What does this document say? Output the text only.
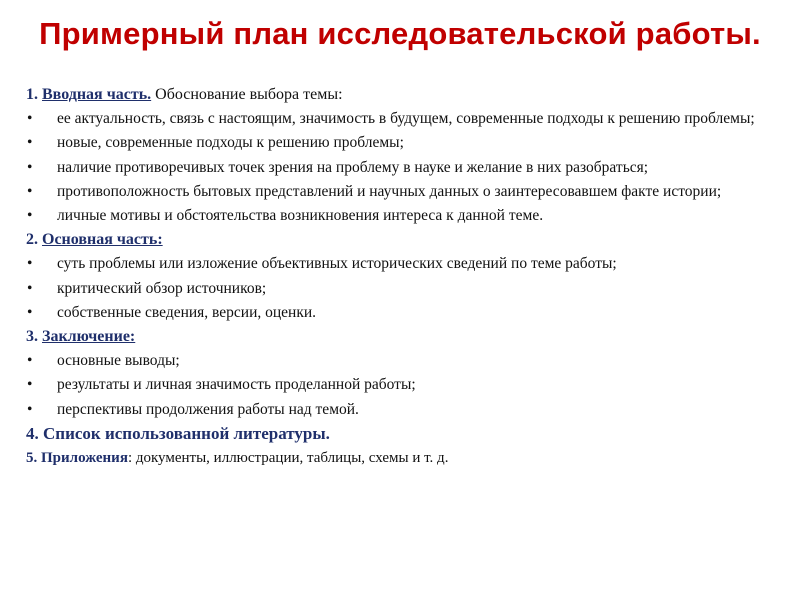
Примерный план исследовательской работы.
1. Вводная часть. Обоснование выбора темы:
• ее актуальность, связь с настоящим, значимость в будущем, современные подходы к решению проблемы;
• новые, современные подходы к решению проблемы;
• наличие противоречивых точек зрения на проблему в науке и желание в них разобраться;
• противоположность бытовых представлений и научных данных о заинтересовавшем факте истории;
• личные мотивы и обстоятельства возникновения интереса к данной теме.
2. Основная часть:
• суть проблемы или изложение объективных исторических сведений по теме работы;
• критический обзор источников;
• собственные сведения, версии, оценки.
3. Заключение:
• основные выводы;
• результаты и личная значимость проделанной работы;
• перспективы продолжения работы над темой.
4. Список использованной литературы.
5. Приложения: документы, иллюстрации, таблицы, схемы и т. д.
